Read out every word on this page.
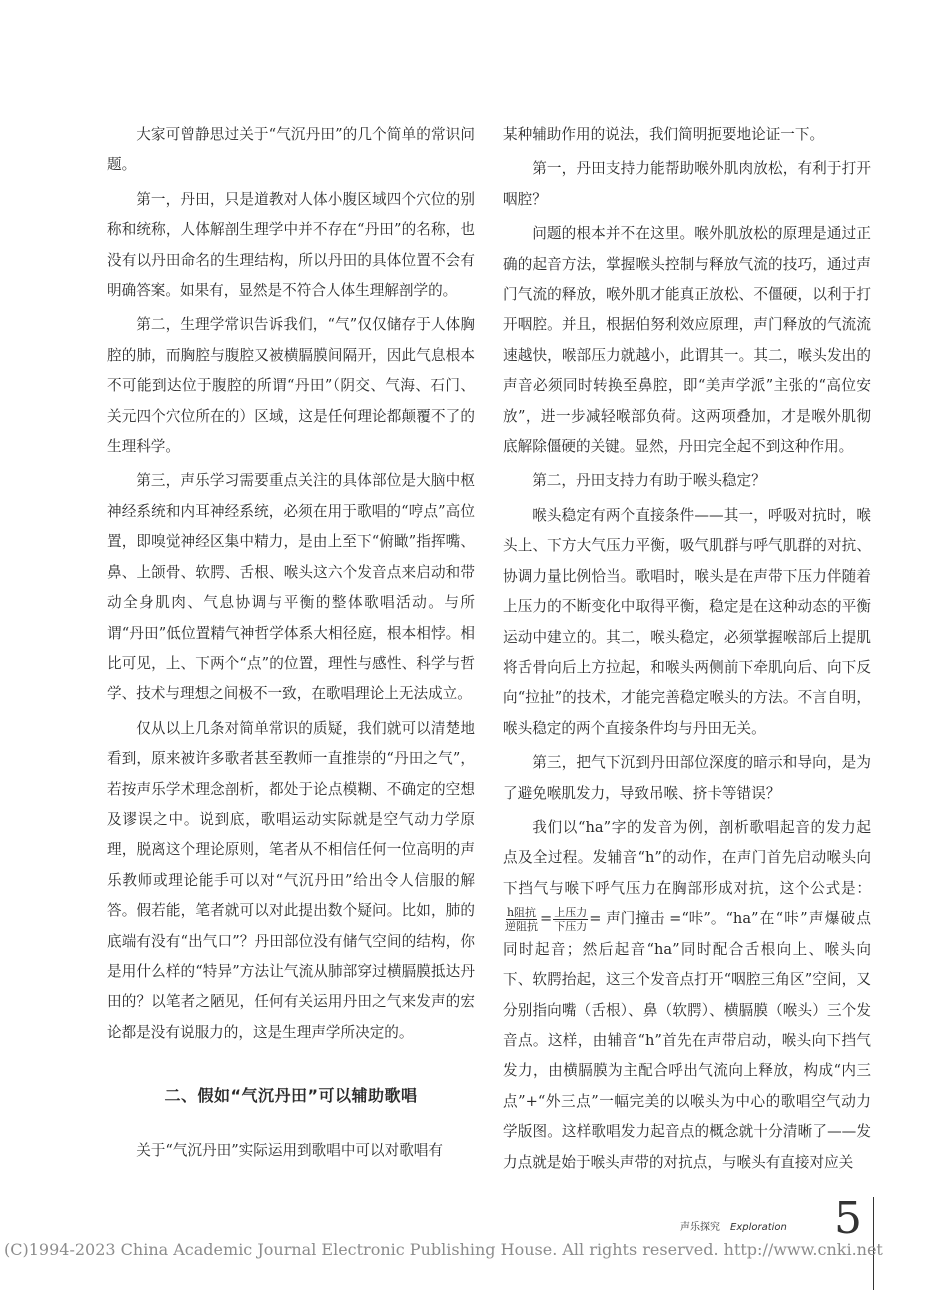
大家可曾静思过关于“气沉丹田”的几个简单的常识问题。

第一，丹田，只是道教对人体小腹区域四个穴位的别称和统称，人体解剖生理学中并不存在“丹田”的名称，也没有以丹田命名的生理结构，所以丹田的具体位置不会有明确答案。如果有，显然是不符合人体生理解剖学的。

第二，生理学常识告诉我们，“气”仅仅储存于人体胸腔的肺，而胸腔与腹腔又被横膈膜间隔开，因此气息根本不可能到达位于腹腔的所谓“丹田”（阴交、气海、石门、关元四个穴位所在的）区域，这是任何理论都颠覆不了的生理科学。

第三，声乐学习需要重点关注的具体部位是大脑中枢神经系统和内耳神经系统，必须在用于歌唱的“哼点”高位置，即嗅觉神经区集中精力，是由上至下“俯瞰”指挥嘴、鼻、上颌骨、软腭、舌根、喉头这六个发音点来启动和带动全身肌肉、气息协调与平衡的整体歌唱活动。与所谓“丹田”低位置精气神哲学体系大相径庭，根本相悖。相比可见，上、下两个“点”的位置，理性与感性、科学与哲学、技术与理想之间极不一致，在歌唱理论上无法成立。

仅从以上几条对简单常识的质疑，我们就可以清楚地看到，原来被许多歌者甚至教师一直推崇的“丹田之气”，若按声乐学术理念剖析，都处于论点模糊、不确定的空想及谬误之中。说到底，歌唱运动实际就是空气动力学原理，脱离这个理论原则，笔者从不相信任何一位高明的声乐教师或理论能手可以对“气沉丹田”给出令人信服的解答。假若能，笔者就可以对此提出数个疑问。比如，肺的底端有没有“出气口”？丹田部位没有储气空间的结构，你是用什么样的“特异”方法让气流从肺部穿过横膈膜抵达丹田的？以笔者之陋见，任何有关运用丹田之气来发声的宏论都是没有说服力的，这是生理声学所决定的。

二、假如“气沉丹田”可以辅助歌唱

关于“气沉丹田”实际运用到歌唱中可以对歌唱有

某种辅助作用的说法，我们简明扼要地论证一下。

第一，丹田支持力能帮助喉外肌肉放松，有利于打开咽腔？

问题的根本并不在这里。喉外肌放松的原理是通过正确的起音方法，掌握喉头控制与释放气流的技巧，通过声门气流的释放，喉外肌才能真正放松、不僵硬，以利于打开咽腔。并且，根据伯努利效应原理，声门释放的气流流速越快，喉部压力就越小，此谓其一。其二，喉头发出的声音必须同时转换至鼻腔，即“美声学派”主张的“高位安放”，进一步减轻喉部负荷。这两项叠加，才是喉外肌彻底解除僵硬的关键。显然，丹田完全起不到这种作用。

第二，丹田支持力有助于喉头稳定？

喉头稳定有两个直接条件——其一，呼吸对抗时，喉头上、下方大气压力平衡，吸气肌群与呼气肌群的对抗、协调力量比例恰当。歌唱时，喉头是在声带下压力伴随着上压力的不断变化中取得平衡，稳定是在这种动态的平衡运动中建立的。其二，喉头稳定，必须掌握喉部后上提肌将舌骨向后上方拉起，和喉头两侧前下牵肌向后、向下反向“拉扯”的技术，才能完善稳定喉头的方法。不言自明，喉头稳定的两个直接条件均与丹田无关。

第三，把气下沉到丹田部位深度的暗示和导向，是为了避免喉肌发力，导致吊喉、挤卡等错误？

我们以“ha”字的发音为例，剖析歌唱起音的发力起点及全过程。发辅音“h”的动作，在声门首先启动喉头向下挡气与喉下呼气压力在胸部形成对抗，这个公式是：
$\frac{\text{h阻抗}}{\text{逆阻抗}} = \frac{\text{上压力}}{\text{下压力}}$ = 声门撞击 =“咔”。 “ha”在“咔”声爆破点同时起音；然后起音“ha”同时配合舌根向上、喉头向下、软腭抬起，这三个发音点打开“咽腔三角区”空间，又分别指向嘴（舌根）、鼻（软腭）、横膈膜（喉头）三个发音点。这样，由辅音“h”首先在声带启动，喉头向下挡气发力，由横膈膜为主配合呼出气流向上释放，构成“内三点”+“外三点”一幅完美的以喉头为中心的歌唱空气动力学版图。这样歌唱发力起音点的概念就十分清晰了——发力点就是始于喉头声带的对抗点，与喉头有直接对应关

声乐探究 Exploration 5
(C)1994-2023 China Academic Journal Electronic Publishing House. All rights reserved. http://www.cnki.net
